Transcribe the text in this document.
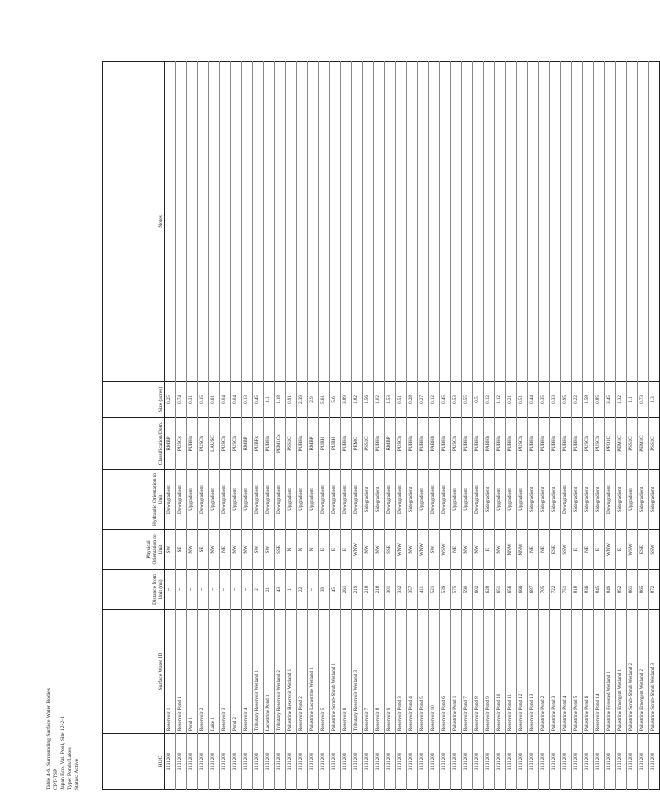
Table 4-6. Surrounding Surface Water Bodies CPT-TSP Japan Eco. Val. Pool, Site 12-2-1 Type: Ponds/Lakes Status: Active	HUC	Surface Water ID	Distance from Unit (mi)	Physical Orientation to Unit	Hydraulic Orientation to Unit	Classification/Dom.	Size (acres)	Notes
3131200	Reservoir 1	--	SW	Downgradient	RMBP	0.25	
3131200	Reservoir Pond 1	--	SE	Downgradient	PUSCx	0.74	
3131200	Pond 1	--	NW	Upgradient	PUBHx	0.31	
3131200	Reservoir 2	--	SE	Downgradient	PUSCh	0.15	
3131200	Lake 1	--	NW	Upgradient	LAUSC	0.61	
3131200	Reservoir 3	--	NE	Downgradient	PUSCh	0.04	
3131200	Pond 2	--	NW	Upgradient	PUSCh	0.04	
3131200	Reservoir 4	--	NW	Upgradient	RMBP	0.13	
3131200	Tributary Reservoir Wetland 1	2	SW	Downgradient	PUBFx	0.45	
3131200	Lacustrine Pond 1	21	SW	Downgradient	PUBHx	1.1	
3131200	Tributary Reservoir Wetland 2	43	SSE	Downgradient	PEM1Cx	1.18	
3131200	Palustrine Reservoir Wetland 1	1	N	Upgradient	PSS1C	0.91	
3131200	Reservoir Pond 2	22	N	Upgradient	PUBHx	2.39	
3131200	Palustrine Lacustrine Wetland 1	--	N	Upgradient	RMBP	2.9	
3131200	Reservoir 5	39	E	Downgradient	PUBH	5.61	
3131200	Palustrine Scrub-Shrub Wetland 1	45	E	Downgradient	PUBH	5.6	
3131200	Reservoir 6	261	E	Downgradient	PUBHx	3.89	
3131200	Tributary Reservoir Wetland 3	219	WNW	Downgradient	PEMC	1.82	
3131200	Reservoir 7	218	NW	Sidegradient	PSS1C	1.56	
3131200	Reservoir 8	218	NW	Sidegradient	PUBHx	1.02	
3131200	Reservoir 9	301	SSE	Downgradient	RMBP	1.53	
3131200	Reservoir Pond 3	332	WNW	Downgradient	PUSCh	0.51	
3131200	Reservoir Pond 4	357	NW	Sidegradient	PUBHx	0.28	
3131200	Reservoir Pond 5	411	WNW	Upgradient	PUBHx	0.27	
3131200	Reservoir 10	521	SW	Downgradient	PABHh	0.12	
3131200	Reservoir Pond 6	539	WSW	Downgradient	PUBHx	0.45	
3131200	Palustrine Pond 1	575	NE	Upgradient	PUSCh	0.53	
3131200	Reservoir Pond 7	590	NW	Upgradient	PUBHx	0.55	
3131200	Reservoir Pond 8	602	NW	Downgradient	PUBHx	0.5	
3131200	Reservoir Pond 9	628	E	Sidegradient	PABHh	0.12	
3131200	Reservoir Pond 10	651	NW	Upgradient	PUBHx	1.12	
3131200	Reservoir Pond 11	656	NNW	Upgradient	PUBHx	0.21	
3131200	Reservoir Pond 12	666	NNW	Upgradient	PUSCh	0.51	
3131200	Reservoir Pond 13	687	NE	Sidegradient	PUBHx	0.44	
3131200	Palustrine Pond 2	705	NE	Sidegradient	PUBHx	0.35	
3131200	Palustrine Pond 3	722	ESE	Sidegradient	PUBHx	0.33	
3131200	Palustrine Pond 4	751	SSW	Downgradient	PUBHx	0.95	
3131200	Palustrine Pond 5	818	E	Sidegradient	PUBHx	0.22	
3131200	Palustrine Pond 6	836	NE	Sidegradient	PUSCh	1.58	
3131200	Reservoir Pond 14	845	E	Sidegradient	PUSCh	0.85	
3131200	Palustrine Forested Wetland 1	849	WNW	Downgradient	PFO1C	3.45	
3131200	Palustrine Emergent Wetland 1	852	E	Sidegradient	PEM1C	1.32	
3131200	Palustrine Scrub-Shrub Wetland 2	861	WSW	Upgradient	PSS1C	1.1	
3131200	Palustrine Emergent Wetland 2	865	ESE	Sidegradient	PEM1C	0.73	
3131200	Palustrine Scrub-Shrub Wetland 3	872	SSW	Sidegradient	PSS1C	1.3	
